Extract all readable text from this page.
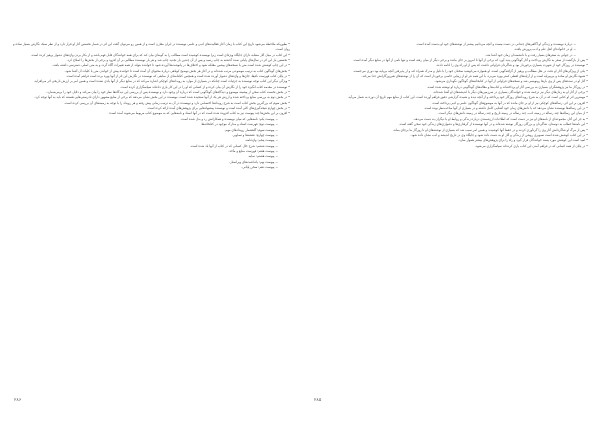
• بطوریکه ملاحظه می‌شود تاریخ این کتاب با زمان آغاز فعالیت‌های ادبی و علمی نویسنده در ایران مقارن است و از همین رو می‌توان گفت این اثر در شمار نخستین آثار او قرار دارد و از نظر سبک نگارش بسیار ساده و روان است.

• این کتاب در میان آثار مشابه دارای جایگاه ویژه‌ای است زیرا نویسنده کوشیده است مطالب را به گونه‌ای بیان کند که برای همه خوانندگان قابل فهم باشد و از بکار بردن واژه‌های دشوار پرهیز کرده است.

• نخستین بار این اثر در سال‌های پایانی سده گذشته به چاپ رسید و پس از آن چندین بار تجدید چاپ شد و هر بار نویسنده مطالبی بر آن افزود و برخی از بخش‌ها را اصلاح کرد.

• در این چاپ کوشش شده است متن با نسخه‌های پیشین مقابله شود و اختلاف‌ها در پانوشت‌ها آورده شود تا خواننده بتواند از همه تغییرات آگاه گردد و به متن اصلی دسترسی داشته باشد.

• بخش‌های گوناگون کتاب به ترتیب موضوعی مرتب شده‌اند و در آغاز هر بخش توضیح کوتاهی درباره محتوای آن آمده است تا خواننده پیش از خواندن متن با کلیات آن آشنا شود.

• در پایان کتاب فهرست نام‌ها، جای‌ها و واژه‌های دشوار آورده شده است و همچنین کتابنامه‌ای از منابعی که نویسنده در نگارش این اثر از آنها بهره برده است فراهم آمده است.

• ویژگی دیگر این کتاب توجه نویسنده به جزئیات است چنانکه در بسیاری از موارد به رویدادهای کوچکی اشاره می‌کند که در منابع دیگر از آنها یادی نشده است و همین امر بر ارزش تاریخی اثر می‌افزاید.

• نویسنده در مقدمه کتاب انگیزه خود را از نگارش آن بیان کرده و از کسانی که او را در این کار یاری داده‌اند سپاسگزاری کرده است.

• در بخش نخست کتاب سخن از پیشینه موضوع و دیدگاه‌های گوناگونی است که درباره آن وجود دارد و نویسنده پس از بررسی این دیدگاه‌ها نظر خود را بیان می‌کند و دلایل خود را برمی‌شمارد.

• در بخش دوم به بررسی منابع پرداخته شده و ارزش هر یک از آنها سنجیده شده است. نویسنده در این بخش نشان می‌دهد که برخی از منابع مشهور دارای نادرستی‌هایی هستند که باید به آنها توجه کرد.

• بخش سوم که بزرگترین بخش کتاب است به شرح رویدادها اختصاص دارد و نویسنده در آن به ترتیب زمانی پیش رفته و هر رویداد را با توجه به زمینه‌های آن بررسی کرده است.

• در بخش چهارم نتیجه‌گیری‌های کلی آمده است و نویسنده پیشنهادهایی برای پژوهش‌های آینده ارائه کرده است.

• افزون بر این بخش‌ها چند پیوست نیز به کتاب افزوده شده است که در آنها اسناد و نامه‌هایی که به موضوع کتاب مربوط می‌شوند آمده است:

− پیوست یکم: نامه‌هایی که میان نویسنده و همکارانش رد و بدل شده است.

− پیوست دوم: فهرست اسناد و مدارک موجود در کتابخانه‌ها.

− پیوست سوم: گاهشمار رویدادهای مهم.

− پیوست چهارم: نقشه‌ها و تصاویر.

− پیوست پنجم: واژه‌نامه.

− پیوست ششم: شرح حال کسانی که در کتاب از آنها یاد شده است.

− پیوست هفتم: فهرست منابع و مآخذ.

− پیوست هشتم: نمایه.

− پیوست نهم: یادداشت‌های ویراستار.

− پیوست دهم: سخن پایانی.

۲۸۶

− درباره نویسنده و زندگی او آگاهی‌های چندانی در دست نیست و آنچه می‌دانیم بیشتر از نوشته‌های خود او بدست آمده است.

− او در خانواده‌ای اهل علم و ادب پرورش یافت.

− در جوانی به سفرهای بسیار رفت و با دانشمندان زمان خود آشنا شد.

• پس از بازگشت از سفر به نگارش پرداخت و آثار گوناگونی پدید آورد که برخی از آنها تا امروز بر جای مانده و برخی دیگر از میان رفته است و تنها نامی از آنها در منابع دیگر آمده است.

• نویسنده در روزگار خود از شهرت بسیاری برخوردار بود و شاگردان فراوانی داشت که پس از او راه وی را ادامه دادند.

• یکی از ویژگی‌های آثار او دقت در نقل مطالب و پرهیز از گزافه‌گویی است. او همواره می‌کوشید سخنان خود را با دلیل و مدرک همراه کند و از پذیرفتن آنچه بی‌پایه بود دوری می‌جست.

• شیوه نگارش او ساده و بی‌پیرایه است و از آرایه‌های لفظی کمتر بهره می‌برد، با این همه نثر او از زیبایی خاصی برخوردار است که آن را از نوشته‌های هم‌روزگارانش جدا می‌کند.

• آثار او در سده‌های پس از وی بارها رونویسی شد و نسخه‌های فراوانی از آنها در کتابخانه‌های گوناگون نگهداری می‌شود.

• در روزگار ما نیز پژوهشگران بسیاری به بررسی آثار او پرداخته‌اند و کتاب‌ها و مقاله‌های گوناگونی درباره او نوشته شده است.

• برخی از آثار او به زبان‌های دیگر نیز ترجمه شده و خوانندگان بسیاری در سرزمین‌های دیگر با اندیشه‌های او آشنا شده‌اند.

• مهمترین اثر او کتابی است که در آن به شرح رویدادهای روزگار خود پرداخته و از آنچه دیده و شنیده گزارشی دقیق فراهم آورده است. این کتاب از منابع مهم تاریخ آن دوره به شمار می‌آید.

• افزون بر این اثر، رساله‌های کوچکی نیز از او بر جای مانده که در آنها به موضوع‌های گوناگون علمی و ادبی پرداخته است.

• در این رساله‌ها نویسنده نشان می‌دهد که با دانش‌های زمان خود آشنایی کامل داشته و در بسیاری از آنها صاحب‌نظر بوده است.

• از میان این رساله‌ها چند رساله در زمینه ادب، چند رساله در زمینه تاریخ و چند رساله در زمینه دانش‌های دیگر است.

• به جز این آثار، مجموعه‌ای از نامه‌های او نیز در دست است که اطلاعات ارزشمندی درباره زندگی و روابط او با دیگران به دست می‌دهد.

• این نامه‌ها خطاب به دوستان، شاگردان و بزرگان روزگار نوشته شده‌اند و در آنها نویسنده از گرفتاری‌ها و دشواری‌های زندگی خود سخن گفته است.

• پس از مرگ او شاگردانش آثار وی را گردآوری کردند و در حفظ آنها کوشیدند و همین امر سبب شد که بسیاری از نوشته‌های او تا روزگار ما برجای بماند.

• در این کتاب کوشش شده است تصویری روشن از زندگی و آثار او به دست داده شود و جایگاه وی در تاریخ اندیشه و ادب نشان داده شود.

• امید است این کوشش مورد پسند خوانندگان قرار گیرد و راه را برای پژوهش‌های بیشتر هموار سازد.

• در پایان از همه کسانی که در فراهم آمدن این کتاب یاری کرده‌اند سپاسگزاری می‌شود.

۲۸۵
